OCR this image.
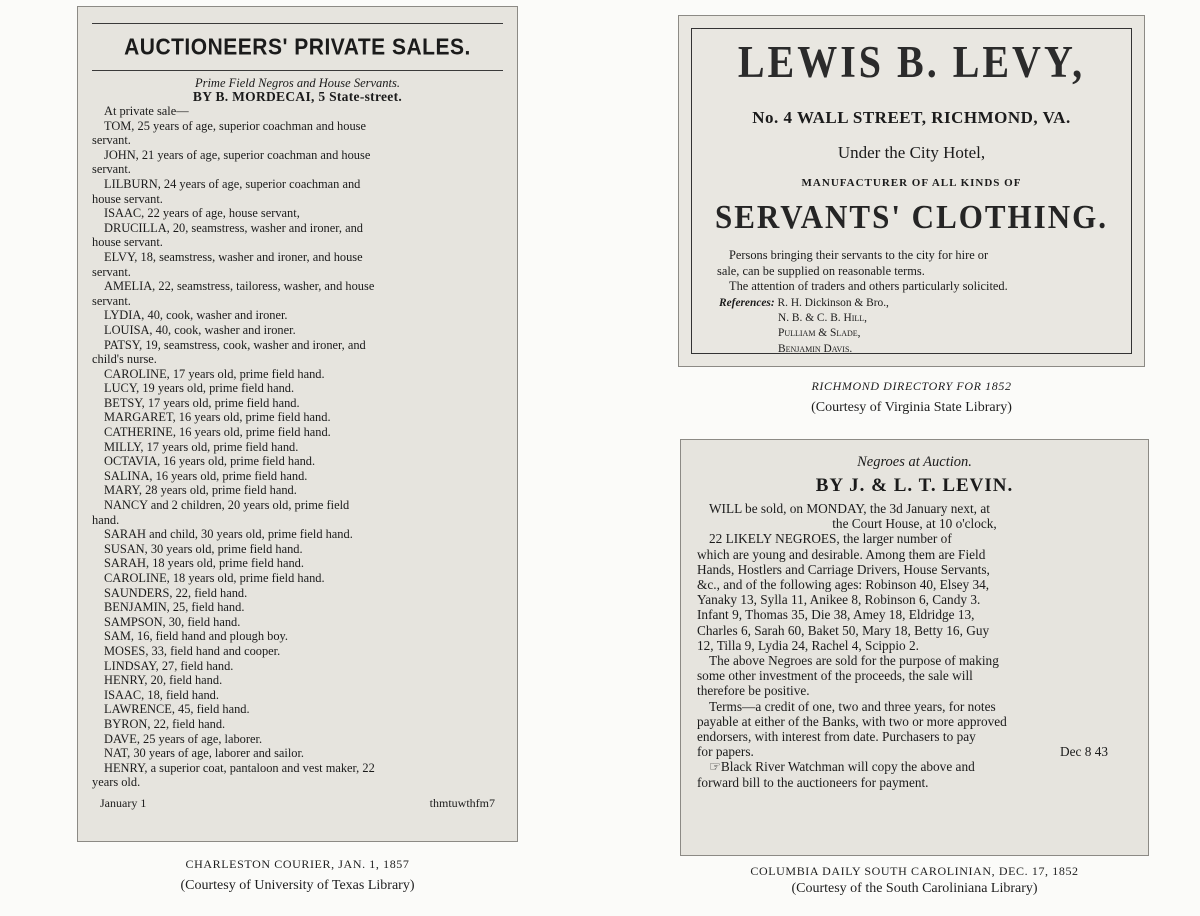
AUCTIONEERS' PRIVATE SALES.
Prime Field Negros and House Servants.
BY B. MORDECAI, 5 State-street.
At private sale—
TOM, 25 years of age, superior coachman and house
servant.
JOHN, 21 years of age, superior coachman and house
servant.
LILBURN, 24 years of age, superior coachman and
house servant.
ISAAC, 22 years of age, house servant,
DRUCILLA, 20, seamstress, washer and ironer, and
house servant.
ELVY, 18, seamstress, washer and ironer, and house
servant.
AMELIA, 22, seamstress, tailoress, washer, and house
servant.
LYDIA, 40, cook, washer and ironer.
LOUISA, 40, cook, washer and ironer.
PATSY, 19, seamstress, cook, washer and ironer, and
child's nurse.
CAROLINE, 17 years old, prime field hand.
LUCY, 19 years old, prime field hand.
BETSY, 17 years old, prime field hand.
MARGARET, 16 years old, prime field hand.
CATHERINE, 16 years old, prime field hand.
MILLY, 17 years old, prime field hand.
OCTAVIA, 16 years old, prime field hand.
SALINA, 16 years old, prime field hand.
MARY, 28 years old, prime field hand.
NANCY and 2 children, 20 years old, prime field
hand.
SARAH and child, 30 years old, prime field hand.
SUSAN, 30 years old, prime field hand.
SARAH, 18 years old, prime field hand.
CAROLINE, 18 years old, prime field hand.
SAUNDERS, 22, field hand.
BENJAMIN, 25, field hand.
SAMPSON, 30, field hand.
SAM, 16, field hand and plough boy.
MOSES, 33, field hand and cooper.
LINDSAY, 27, field hand.
HENRY, 20, field hand.
ISAAC, 18, field hand.
LAWRENCE, 45, field hand.
BYRON, 22, field hand.
DAVE, 25 years of age, laborer.
NAT, 30 years of age, laborer and sailor.
HENRY, a superior coat, pantaloon and vest maker, 22
years old.
January 1	thmtuwthfm7
CHARLESTON COURIER, JAN. 1, 1857
(Courtesy of University of Texas Library)
LEWIS B. LEVY,
No. 4 WALL STREET, RICHMOND, VA.
Under the City Hotel,
MANUFACTURER OF ALL KINDS OF
SERVANTS' CLOTHING.
Persons bringing their servants to the city for hire or
sale, can be supplied on reasonable terms.
The attention of traders and others particularly solicited.
References: R. H. Dickinson & Bro.,
N. B. & C. B. Hill,
Pulliam & Slade,
Benjamin Davis.
RICHMOND DIRECTORY FOR 1852
(Courtesy of Virginia State Library)
Negroes at Auction.
BY J. & L. T. LEVIN.

WILL be sold, on MONDAY, the 3d January next, at

the Court House, at 10 o'clock,

22 LIKELY NEGROES, the larger number of

which are young and desirable. Among them are Field
Hands, Hostlers and Carriage Drivers, House Servants,
&c., and of the following ages: Robinson 40, Elsey 34,
Yanaky 13, Sylla 11, Anikee 8, Robinson 6, Candy 3.
Infant 9, Thomas 35, Die 38, Amey 18, Eldridge 13,
Charles 6, Sarah 60, Baket 50, Mary 18, Betty 16, Guy
12, Tilla 9, Lydia 24, Rachel 4, Scippio 2.

The above Negroes are sold for the purpose of making

some other investment of the proceeds, the sale will
therefore be positive.

Terms—a credit of one, two and three years, for notes

payable at either of the Banks, with two or more approved
endorsers, with interest from date. Purchasers to pay
for papers.	Dec 8 43

☞Black River Watchman will copy the above and

forward bill to the auctioneers for payment.
COLUMBIA DAILY SOUTH CAROLINIAN, DEC. 17, 1852
(Courtesy of the South Caroliniana Library)
